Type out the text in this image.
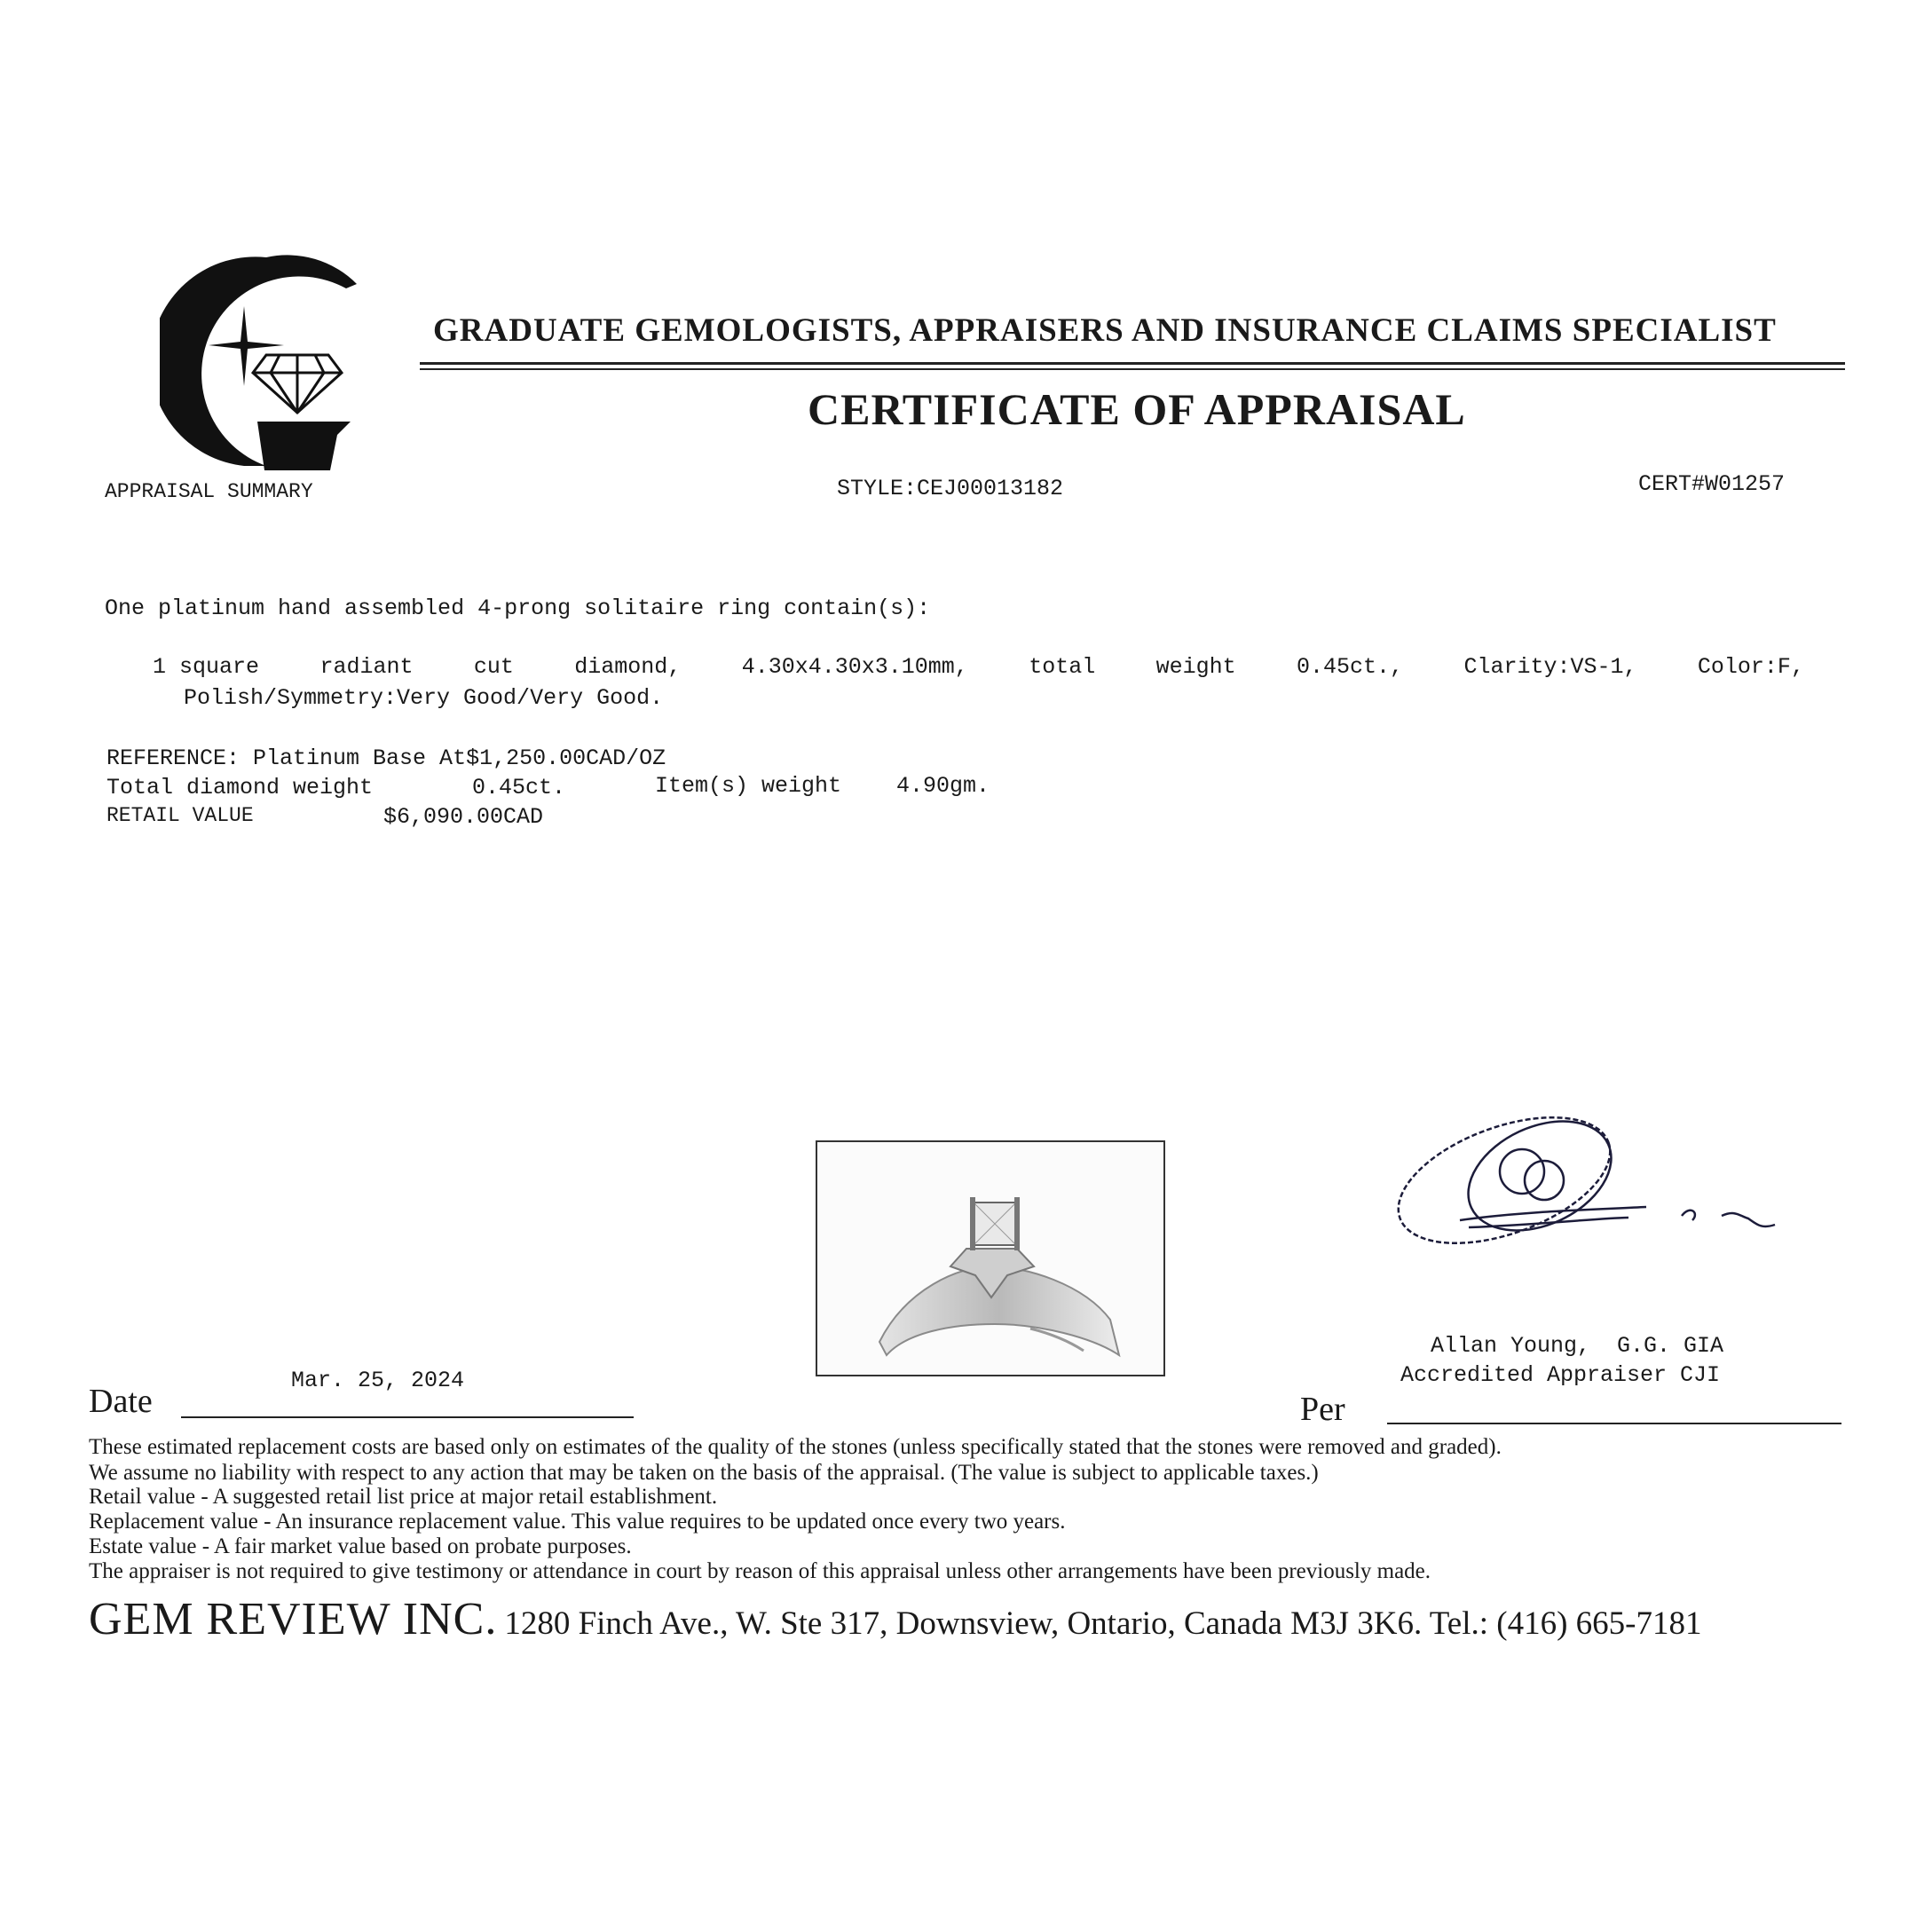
GRADUATE GEMOLOGISTS, APPRAISERS AND INSURANCE CLAIMS SPECIALIST
CERTIFICATE OF APPRAISAL
APPRAISAL SUMMARY	STYLE:CEJ00013182	CERT#W01257
One platinum hand assembled 4-prong solitaire ring contain(s):
1 square	radiant	cut	diamond,	4.30x4.30x3.10mm,	total	weight	0.45ct.,	Clarity:VS-1,	Color:F,
Polish/Symmetry:Very Good/Very Good.
REFERENCE: Platinum Base At$1,250.00CAD/OZ
Total diamond weight	0.45ct.	Item(s) weight 4.90gm.
RETAIL VALUE	$6,090.00CAD
Allan Young,  G.G. GIA
Accredited Appraiser CJI
Date
Mar. 25, 2024
Per
These estimated replacement costs are based only on estimates of the quality of the stones (unless specifically stated that the stones were removed and graded).
We assume no liability with respect to any action that may be taken on the basis of the appraisal. (The value is subject to applicable taxes.)
Retail value - A suggested retail list price at major retail establishment.
Replacement value - An insurance replacement value. This value requires to be updated once every two years.
Estate value - A fair market value based on probate purposes.
The appraiser is not required to give testimony or attendance in court by reason of this appraisal unless other arrangements have been previously made.
GEM REVIEW INC. 1280 Finch Ave., W. Ste 317, Downsview, Ontario, Canada M3J 3K6. Tel.: (416) 665-7181
